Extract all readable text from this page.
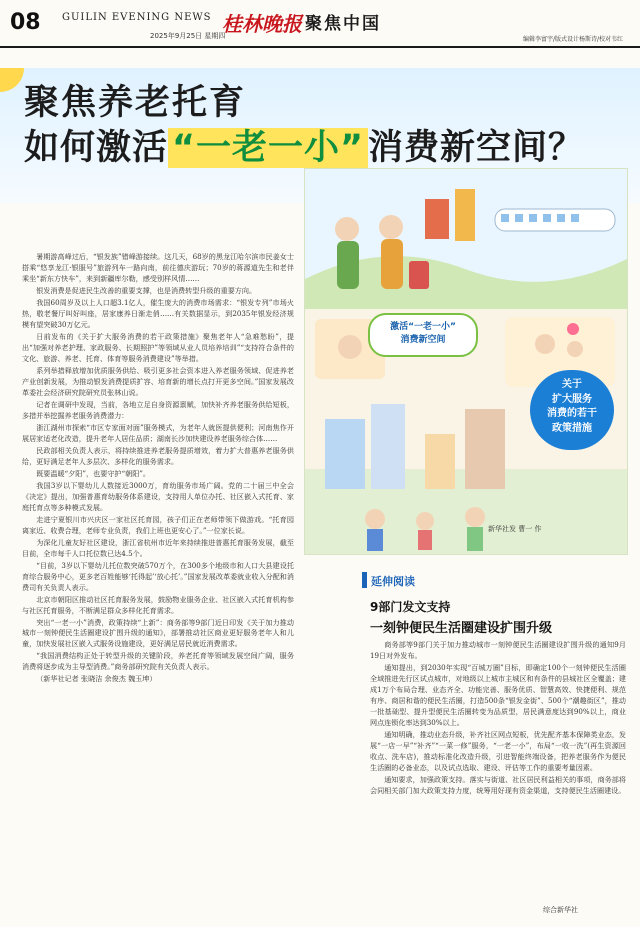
08 GUILIN EVENING NEWS
2025年9月25日 星期四
桂林晚报 聚焦中国
编辑李富宇/版式设计杨斯诗/校对韦红
聚焦养老托育
如何激活 “一老一小” 消费新空间？

暑期游高峰过后，“银发族”错峰游接续。这几天，68岁的黑龙江哈尔滨市民姜女士搭乘“悠享龙江·银服号”旅游列车一路向南，前往德庆游玩；70岁的蒋源道先生和老伴乘坐“新东方快车”，来到新疆库尔勒，感受别样风情……

银发消费是促进民生改善的重要支撑，也是消费转型升级的重要方向。

我国60周岁及以上人口超3.1亿人，催生庞大的消费市场需求：“银发专列”市场火热，敬老餐厅叫好叫座，居家康养日渐走俏……有关数据显示，到2035年银发经济规模有望突破30万亿元。

日前发布的《关于扩大服务消费的若干政策措施》聚焦老年人“急难愁盼”，提出“加强对养老护理、家政服务、长期照护”等领域从业人员培养培训”“支持符合条件的文化、旅游、养老、托育、体育等服务消费建设”等举措。

系列举措释放增加优质服务供给、吸引更多社会资本进入养老服务领域、促进养老产业创新发展，为推动银发消费提质扩容、培育新的增长点打开更多空间。”国家发展改革委社会经济研究院研究员张林山说。

记者在调研中发现，当前，各地立足自身资源禀赋，加快补齐养老服务供给短板，多措并举挖掘养老服务消费潜力：

浙江湖州市探索“市区专家面对面”服务模式，为老年人就医提供便利；河南焦作开展居家适老化改造，提升老年人居住品质；湖南长沙加快建设养老服务综合体……

民政部相关负责人表示，将持续推进养老服务提质增效，着力扩大普惠养老服务供给，更好满足老年人多层次、多样化的服务需求。

既要温暖“夕阳”，也要守护“朝阳”。

我国3岁以下婴幼儿人数接近3000万，育幼服务市场广阔。党的二十届三中全会《决定》提出，加强普惠育幼服务体系建设，支持用人单位办托、社区嵌入式托育、家庭托育点等多种模式发展。

走进宁夏银川市兴庆区一家社区托育园，孩子们正在老师带领下做游戏。“托育园离家近、收费合理，老师专业负责，我们上班也更安心了。”一位家长说。

为深化儿童友好社区建设，浙江省杭州市近年来持续推进普惠托育服务发展，截至目前，全市每千人口托位数已达4.5个。

“目前，3岁以下婴幼儿托位数突破570万个，在300多个地级市和人口大县建设托育综合服务中心，更多老百姓能够‘托得起’‘放心托’。”国家发展改革委就业收入分配和消费司有关负责人表示。

北京市朝阳区推动社区托育服务发展，鼓励物业服务企业、社区嵌入式托育机构参与社区托育服务，不断满足群众多样化托育需求。

突出“一老一小”消费，政策持续“上新”：商务部等9部门近日印发《关于加力推动城市一刻钟便民生活圈建设扩围升级的通知》，部署推动社区商业更好服务老年人和儿童，加快发展社区嵌入式服务设施建设，更好满足居民就近消费需求。

“我国消费结构正处于转型升级的关键阶段，养老托育等领域发展空间广阔，服务消费将逐步成为主导型消费。”商务部研究院有关负责人表示。

（新华社记者 张晓洁 余俊杰 魏玉坤）

激活“一老一小”
消费新空间
关于
扩大服务
消费的若干
政策措施
新华社发 曹一 作
延伸阅读
9部门发文支持
一刻钟便民生活圈建设扩围升级

商务部等9部门关于加力推动城市一刻钟便民生活圈建设扩围升级的通知9月19日对外发布。

通知提出，到2030年实现“百城万圈”目标，即确定100个一刻钟便民生活圈全域推进先行区试点城市，对地级以上城市主城区和有条件的县城社区全覆盖；建成1万个布局合理、业态齐全、功能完善、服务优质、智慧高效、快捷便利、规范有序、商居和谐的便民生活圈，打造500条“银发金街”、500个“潮趣街区”，推动一批基础型、提升型便民生活圈转变为品质型，居民满意度达到90%以上，商业网点连锁化率达到30%以上。

通知明确，推动业态升级，补齐社区网点短板，优先配齐基本保障类业态，发展“一店一早”“补齐”“一菜一修”服务，“一老一小”，布局“一收一洗”(再生资源回收点、洗车店)，推动标准化改造升级，引进智能终端设备，把养老服务作为便民生活圈的必备业态，以及试点选取、建设、评估等工作的重要考量因素。

通知要求，加强政策支持。落实与街道、社区居民利益相关的事项，商务部将会同相关部门加大政策支持力度，统筹用好现有资金渠道，支持便民生活圈建设。

综合新华社
